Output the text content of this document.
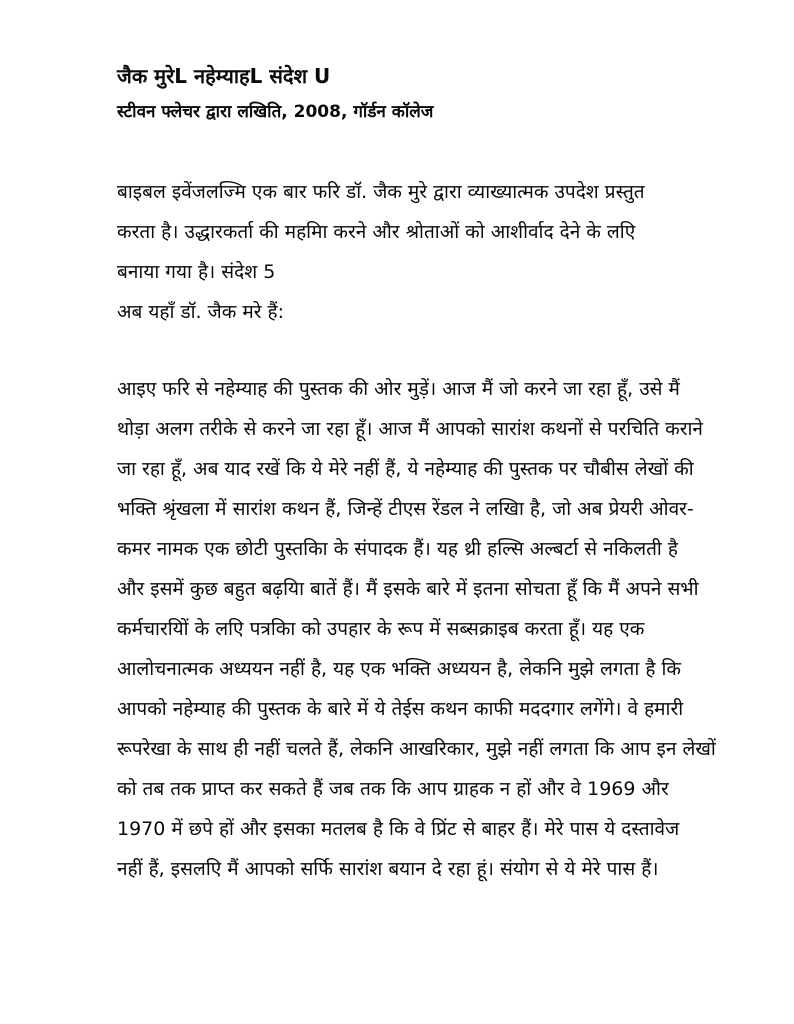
जैक मुरेL नहेम्याहL संदेश U
स्टीवन फ्लेचर द्वारा लखिति, 2008, गॉर्डन कॉलेज
बाइबल इवेंजलज्मि एक बार फरि डॉ. जैक मुरे द्वारा व्याख्यात्मक उपदेश प्रस्तुत
करता है। उद्धारकर्ता की महमिा करने और श्रोताओं को आशीर्वाद देने के लएि
बनाया गया है। संदेश 5
अब यहाँ डॉ. जैक मरे हैं:
आइए फरि से नहेम्याह की पुस्तक की ओर मुड़ें। आज मैं जो करने जा रहा हूँ, उसे मैं
थोड़ा अलग तरीके से करने जा रहा हूँ। आज मैं आपको सारांश कथनों से परचिति कराने
जा रहा हूँ, अब याद रखें कि ये मेरे नहीं हैं, ये नहेम्याह की पुस्तक पर चौबीस लेखों की
भक्ति श्रृंखला में सारांश कथन हैं, जिन्हें टीएस रेंडल ने लखिा है, जो अब प्रेयरी ओवर-
कमर नामक एक छोटी पुस्तकिा के संपादक हैं। यह थ्री हल्सि अल्बर्टा से नकिलती है
और इसमें कुछ बहुत बढ़यिा बातें हैं। मैं इसके बारे में इतना सोचता हूँ कि मैं अपने सभी
कर्मचारयिों के लएि पत्रकिा को उपहार के रूप में सब्सक्राइब करता हूँ। यह एक
आलोचनात्मक अध्ययन नहीं है, यह एक भक्ति अध्ययन है, लेकनि मुझे लगता है कि
आपको नहेम्याह की पुस्तक के बारे में ये तेईस कथन काफी मददगार लगेंगे। वे हमारी
रूपरेखा के साथ ही नहीं चलते हैं, लेकनि आखरिकार, मुझे नहीं लगता कि आप इन लेखों
को तब तक प्राप्त कर सकते हैं जब तक कि आप ग्राहक न हों और वे 1969 और
1970 में छपे हों और इसका मतलब है कि वे प्रिंट से बाहर हैं। मेरे पास ये दस्तावेज
नहीं हैं, इसलएि मैं आपको सर्फि सारांश बयान दे रहा हूं। संयोग से ये मेरे पास हैं।
